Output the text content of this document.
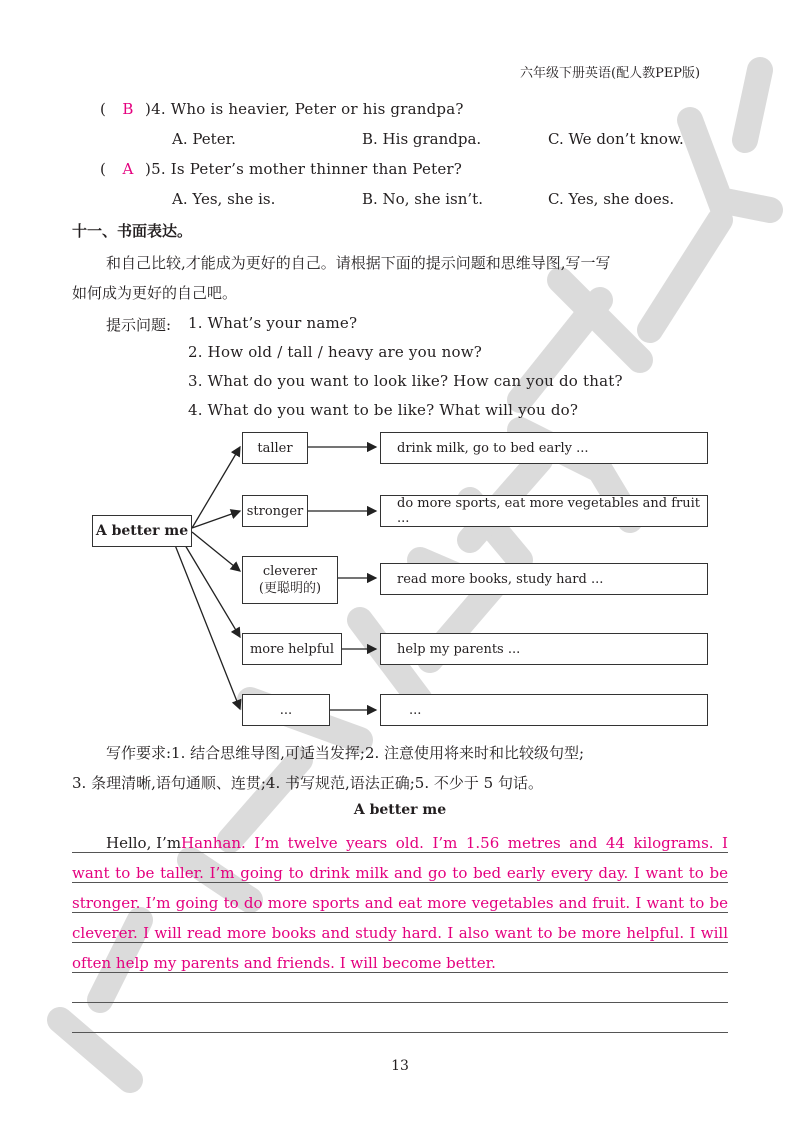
六年级下册英语(配人教PEP版)
( B )4. Who is heavier, Peter or his grandpa?
A. Peter.	B. His grandpa.	C. We don’t know.
( A )5. Is Peter’s mother thinner than Peter?
A. Yes, she is.	B. No, she isn’t.	C. Yes, she does.
十一、书面表达。
和自己比较,才能成为更好的自己。请根据下面的提示问题和思维导图,写一写
如何成为更好的自己吧。
提示问题: 1. What’s your name?
2. How old / tall / heavy are you now?
3. What do you want to look like? How can you do that?
4. What do you want to be like? What will you do?
A better me
taller	drink milk, go to bed early ...
stronger	do more sports, eat more vegetables and fruit ...
cleverer
(更聪明的)
read more books, study hard ...
more helpful	help my parents ...
...	...
写作要求:1. 结合思维导图,可适当发挥;2. 注意使用将来时和比较级句型;
3. 条理清晰,语句通顺、连贯;4. 书写规范,语法正确;5. 不少于 5 句话。
A better me
Hello, I’m Hanhan. I’m twelve years old. I’m 1.56 metres and 44 kilograms. I
want to be taller. I’m going to drink milk and go to bed early every day. I want to be
stronger. I’m going to do more sports and eat more vegetables and fruit. I want to be
cleverer. I will read more books and study hard. I also want to be more helpful. I will
often help my parents and friends. I will become better.
13
